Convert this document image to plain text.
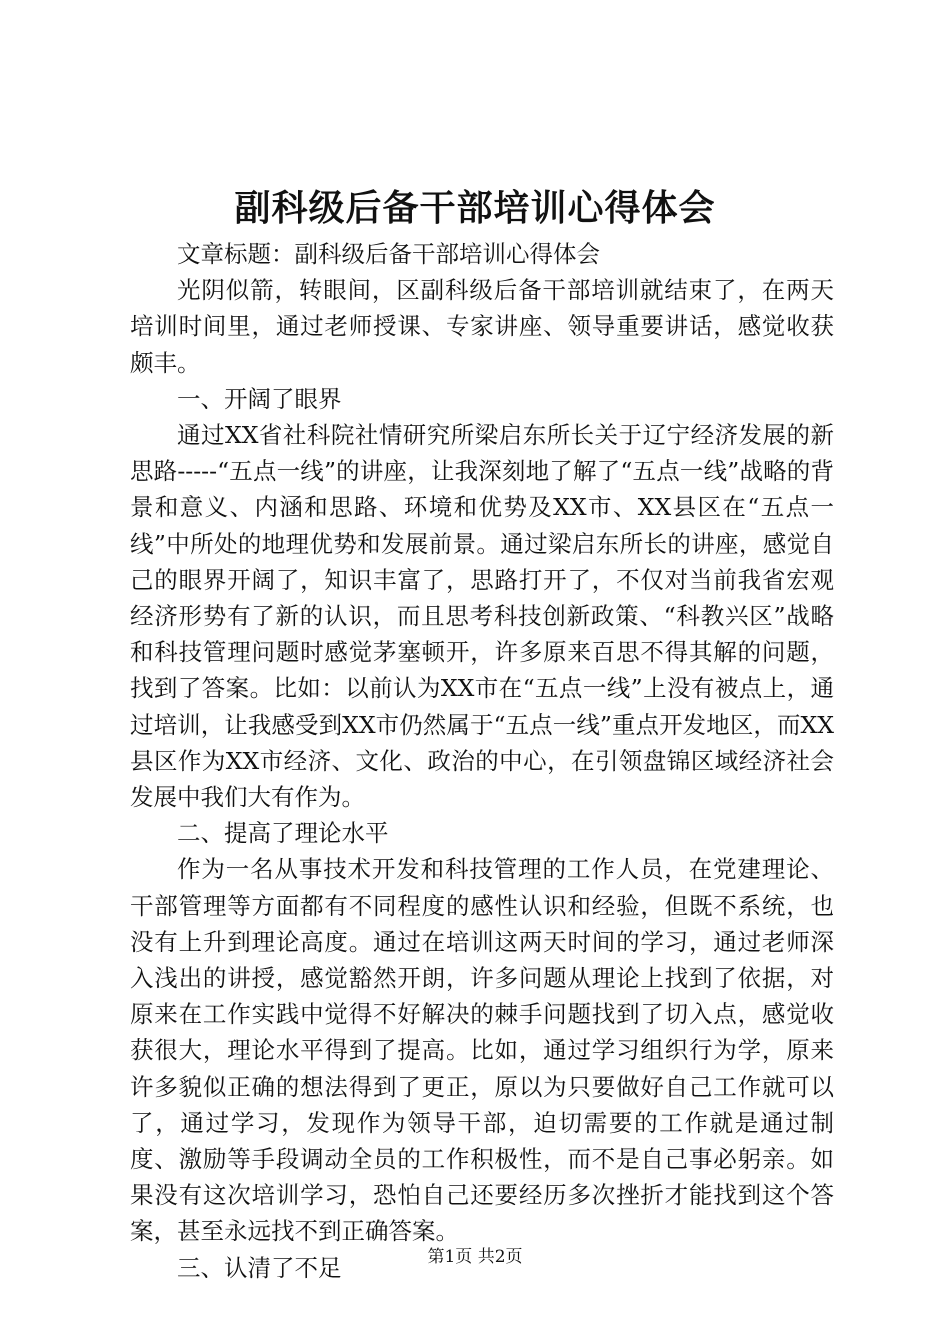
副科级后备干部培训心得体会

文章标题：副科级后备干部培训心得体会

光阴似箭，转眼间，区副科级后备干部培训就结束了，在两天培训时间里，通过老师授课、专家讲座、领导重要讲话，感觉收获颇丰。

一、开阔了眼界

通过XX省社科院社情研究所梁启东所长关于辽宁经济发展的新思路-----“五点一线”的讲座，让我深刻地了解了“五点一线”战略的背景和意义、内涵和思路、环境和优势及XX市、XX县区在“五点一线”中所处的地理优势和发展前景。通过梁启东所长的讲座，感觉自己的眼界开阔了，知识丰富了，思路打开了，不仅对当前我省宏观经济形势有了新的认识，而且思考科技创新政策、“科教兴区”战略和科技管理问题时感觉茅塞顿开，许多原来百思不得其解的问题，找到了答案。比如：以前认为XX市在“五点一线”上没有被点上，通过培训，让我感受到XX市仍然属于“五点一线”重点开发地区，而XX县区作为XX市经济、文化、政治的中心，在引领盘锦区域经济社会发展中我们大有作为。

二、提高了理论水平

作为一名从事技术开发和科技管理的工作人员，在党建理论、干部管理等方面都有不同程度的感性认识和经验，但既不系统，也没有上升到理论高度。通过在培训这两天时间的学习，通过老师深入浅出的讲授，感觉豁然开朗，许多问题从理论上找到了依据，对原来在工作实践中觉得不好解决的棘手问题找到了切入点，感觉收获很大，理论水平得到了提高。比如，通过学习组织行为学，原来许多貌似正确的想法得到了更正，原以为只要做好自己工作就可以了，通过学习，发现作为领导干部，迫切需要的工作就是通过制度、激励等手段调动全员的工作积极性，而不是自己事必躬亲。如果没有这次培训学习，恐怕自己还要经历多次挫折才能找到这个答案，甚至永远找不到正确答案。

三、认清了不足	第1页 共2页
